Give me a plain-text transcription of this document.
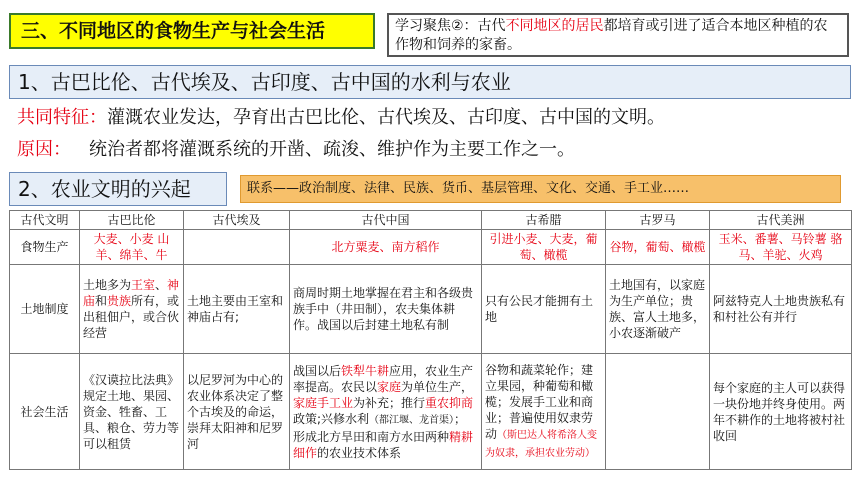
三、不同地区的食物生产与社会生活	学习聚焦②：古代不同地区的居民都培育或引进了适合本地区种植的农作物和饲养的家畜。
1、古巴比伦、古代埃及、古印度、古中国的水利与农业
共同特征：灌溉农业发达，孕育出古巴比伦、古代埃及、古印度、古中国的文明。
原因： 统治者都将灌溉系统的开凿、疏浚、维护作为主要工作之一。
2、农业文明的兴起	联系——政治制度、法律、民族、货币、基层管理、文化、交通、手工业……
古代文明	古巴比伦	古代埃及	古代中国	古希腊	古罗马	古代美洲
食物生产	大麦、小麦 山羊、绵羊、牛		北方粟麦、南方稻作	引进小麦、大麦，葡萄、橄榄	谷物，葡萄、橄榄	玉米、番薯、马铃薯 骆马、羊驼、火鸡
土地制度	土地多为王室、神庙和贵族所有，或出租佃户，或合伙经营	土地主要由王室和神庙占有;	商周时期土地掌握在君主和各级贵族手中（井田制），农夫集体耕作。战国以后封建土地私有制	只有公民才能拥有土地	土地国有，以家庭为生产单位；贵族、富人土地多，小农逐渐破产	阿兹特克人土地贵族私有和村社公有并行
社会生活	《汉谟拉比法典》 规定土地、果园、资金、牲畜、工具、粮仓、劳力等可以租赁	以尼罗河为中心的农业体系决定了整个古埃及的命运，崇拜太阳神和尼罗河	战国以后铁犁牛耕应用，农业生产率提高。农民以家庭为单位生产，家庭手工业为补充；推行重农抑商政策;兴修水利（都江堰、龙首渠）；形成北方旱田和南方水田两种精耕细作的农业技术体系	谷物和蔬菜轮作；建立果园，种葡萄和橄榄；发展手工业和商业；普遍使用奴隶劳动（斯巴达人将希洛人变为奴隶，承担农业劳动）		每个家庭的主人可以获得一块份地并终身使用。两年不耕作的土地将被村社收回
